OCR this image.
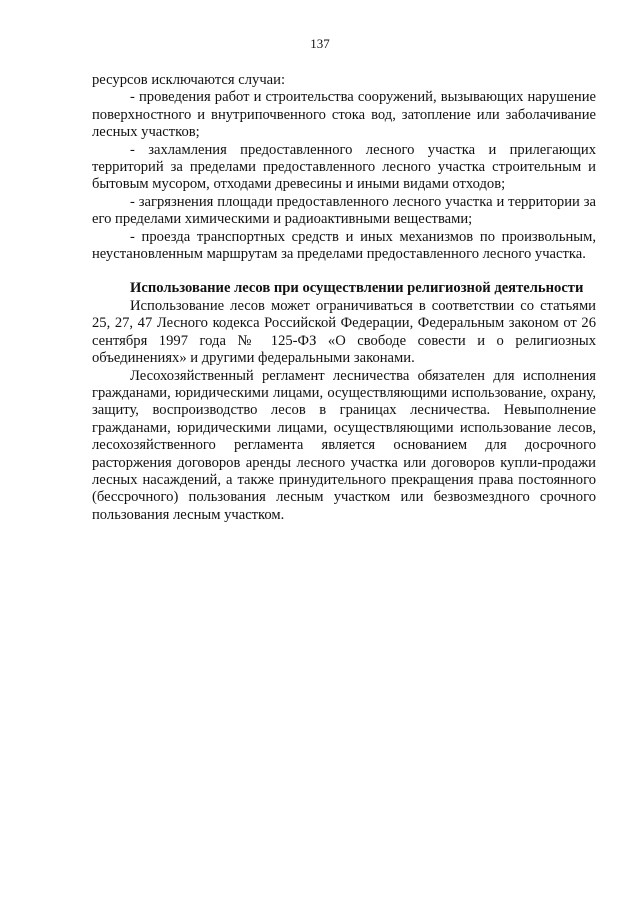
137

ресурсов исключаются случаи:

- проведения работ и строительства сооружений, вызывающих нарушение поверхностного и внутрипочвенного стока вод, затопление или заболачивание лесных участков;

- захламления предоставленного лесного участка и прилегающих территорий за пределами предоставленного лесного участка строительным и бытовым мусором, отходами древесины и иными видами отходов;

- загрязнения площади предоставленного лесного участка и территории за его пределами химическими и радиоактивными веществами;

- проезда транспортных средств и иных механизмов по произвольным, неустановленным маршрутам за пределами предоставленного лесного участка.

Использование лесов при осуществлении религиозной деятельности

Использование лесов может ограничиваться в соответствии со статьями 25, 27, 47 Лесного кодекса Российской Федерации, Федеральным законом от 26 сентября 1997 года № 125-ФЗ «О свободе совести и о религиозных объединениях» и другими федеральными законами.

Лесохозяйственный регламент лесничества обязателен для исполнения гражданами, юридическими лицами, осуществляющими использование, охрану, защиту, воспроизводство лесов в границах лесничества. Невыполнение гражданами, юридическими лицами, осуществляющими использование лесов, лесохозяйственного регламента является основанием для досрочного расторжения договоров аренды лесного участка или договоров купли-продажи лесных насаждений, а также принудительного прекращения права постоянного (бессрочного) пользования лесным участком или безвозмездного срочного пользования лесным участком.
